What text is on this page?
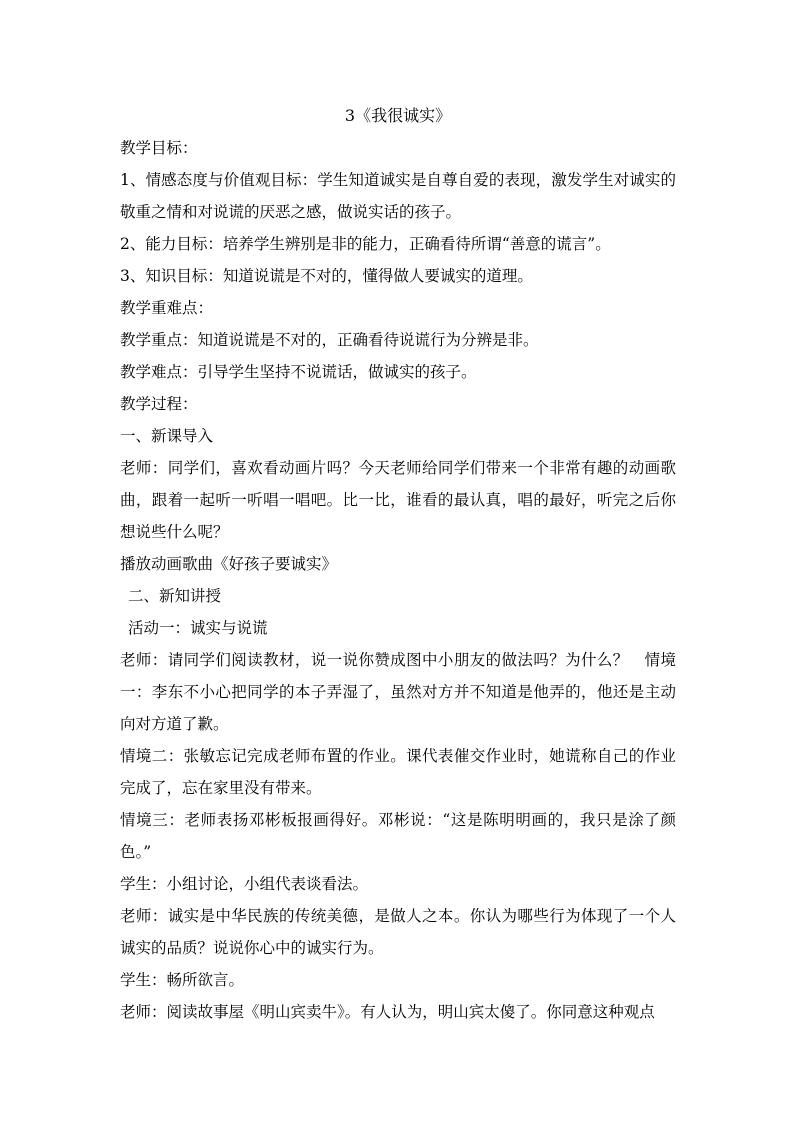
3《我很诚实》

教学目标：

1、情感态度与价值观目标：学生知道诚实是自尊自爱的表现，激发学生对诚实的敬重之情和对说谎的厌恶之感，做说实话的孩子。

2、能力目标：培养学生辨别是非的能力，正确看待所谓“善意的谎言”。

3、知识目标：知道说谎是不对的，懂得做人要诚实的道理。

教学重难点：

教学重点：知道说谎是不对的，正确看待说谎行为分辨是非。

教学难点：引导学生坚持不说谎话，做诚实的孩子。

教学过程：

一、新课导入

老师：同学们，喜欢看动画片吗？今天老师给同学们带来一个非常有趣的动画歌曲，跟着一起听一听唱一唱吧。比一比，谁看的最认真，唱的最好，听完之后你想说些什么呢？

播放动画歌曲《好孩子要诚实》

二、新知讲授

活动一：诚实与说谎

老师：请同学们阅读教材，说一说你赞成图中小朋友的做法吗？为什么？　情境一：李东不小心把同学的本子弄湿了，虽然对方并不知道是他弄的，他还是主动向对方道了歉。

情境二：张敏忘记完成老师布置的作业。课代表催交作业时，她谎称自己的作业完成了，忘在家里没有带来。

情境三：老师表扬邓彬板报画得好。邓彬说：“这是陈明明画的，我只是涂了颜色。”

学生：小组讨论，小组代表谈看法。

老师：诚实是中华民族的传统美德，是做人之本。你认为哪些行为体现了一个人诚实的品质？说说你心中的诚实行为。

学生：畅所欲言。

老师：阅读故事屋《明山宾卖牛》。有人认为，明山宾太傻了。你同意这种观点
